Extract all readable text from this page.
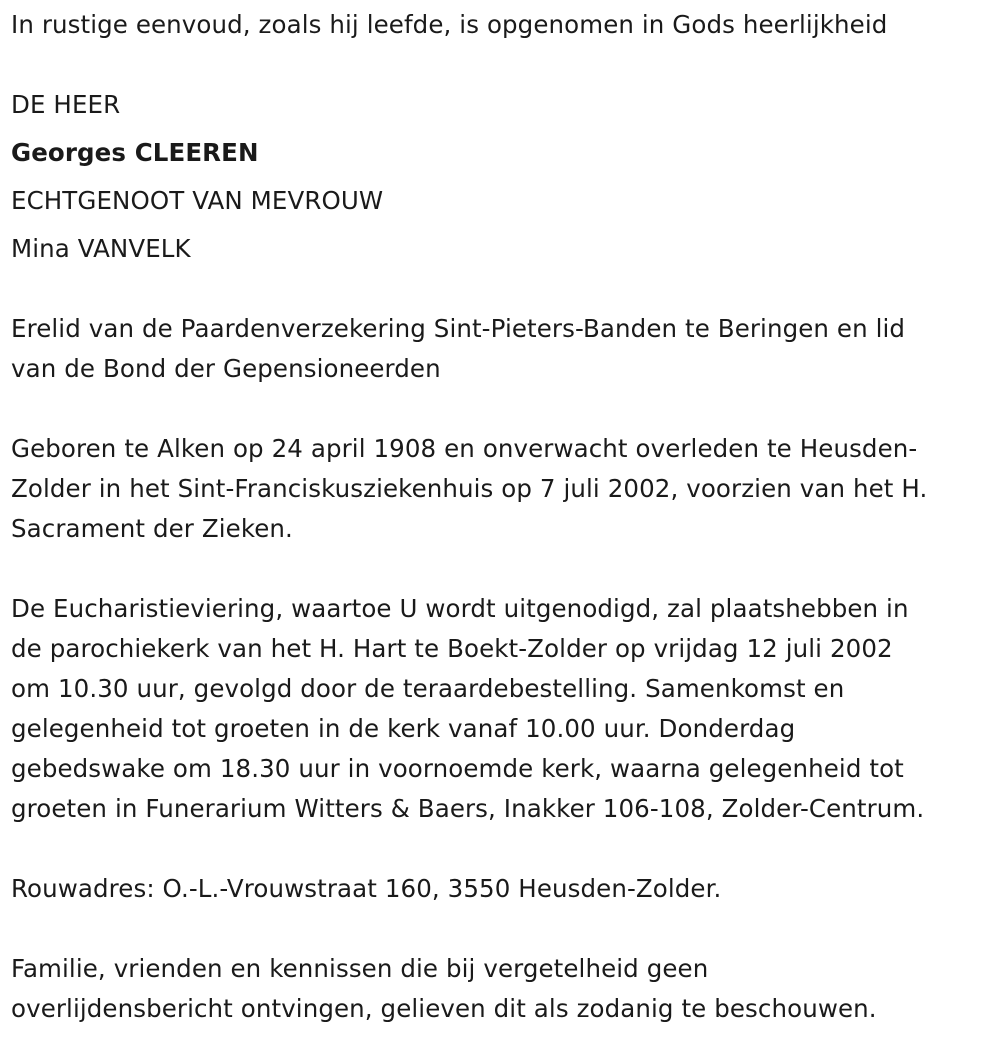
In rustige eenvoud, zoals hij leefde, is opgenomen in Gods heerlijkheid

DE HEER

Georges CLEEREN

ECHTGENOOT VAN MEVROUW

Mina VANVELK

Erelid van de Paardenverzekering Sint-Pieters-Banden te Beringen en lid
van de Bond der Gepensioneerden
Geboren te Alken op 24 april 1908 en onverwacht overleden te Heusden-
Zolder in het Sint-Franciskusziekenhuis op 7 juli 2002, voorzien van het H.
Sacrament der Zieken.
De Eucharistieviering, waartoe U wordt uitgenodigd, zal plaatshebben in
de parochiekerk van het H. Hart te Boekt-Zolder op vrijdag 12 juli 2002
om 10.30 uur, gevolgd door de teraardebestelling. Samenkomst en
gelegenheid tot groeten in de kerk vanaf 10.00 uur. Donderdag
gebedswake om 18.30 uur in voornoemde kerk, waarna gelegenheid tot
groeten in Funerarium Witters & Baers, Inakker 106-108, Zolder-Centrum.

Rouwadres: O.-L.-Vrouwstraat 160, 3550 Heusden-Zolder.

Familie, vrienden en kennissen die bij vergetelheid geen
overlijdensbericht ontvingen, gelieven dit als zodanig te beschouwen.
